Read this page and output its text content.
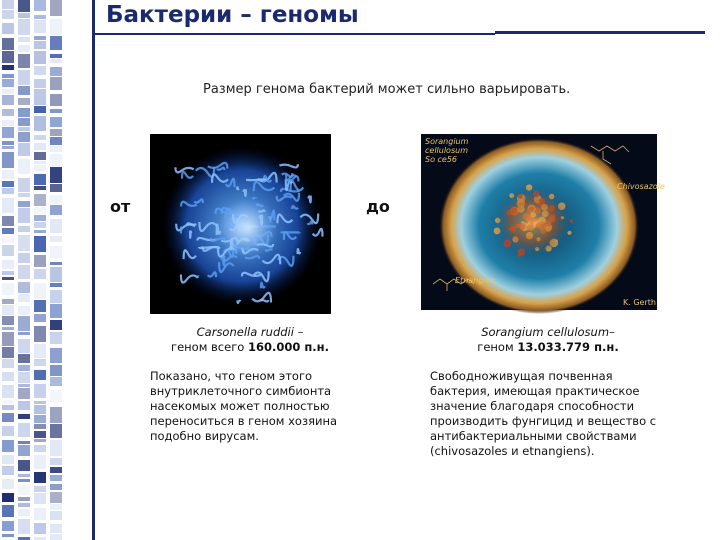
Бактерии – геномы
Размер генома бактерий может сильно варьировать.
от	до
Sorangium
cellulosum
So ce56
Chivosazole
Etnangien
K. Gerth
Carsonella ruddii –
геном всего 160.000 п.н.
Sorangium cellulosum–
геном 13.033.779 п.н.
Показано, что геном этого
внутриклеточного симбионта
насекомых может полностью
переноситься в геном хозяина
подобно вирусам.
Свободноживущая почвенная
бактерия, имеющая практическое
значение благодаря способности
производить фунгицид и вещество с
антибактериальными свойствами
(chivosazoles и etnangiens).
